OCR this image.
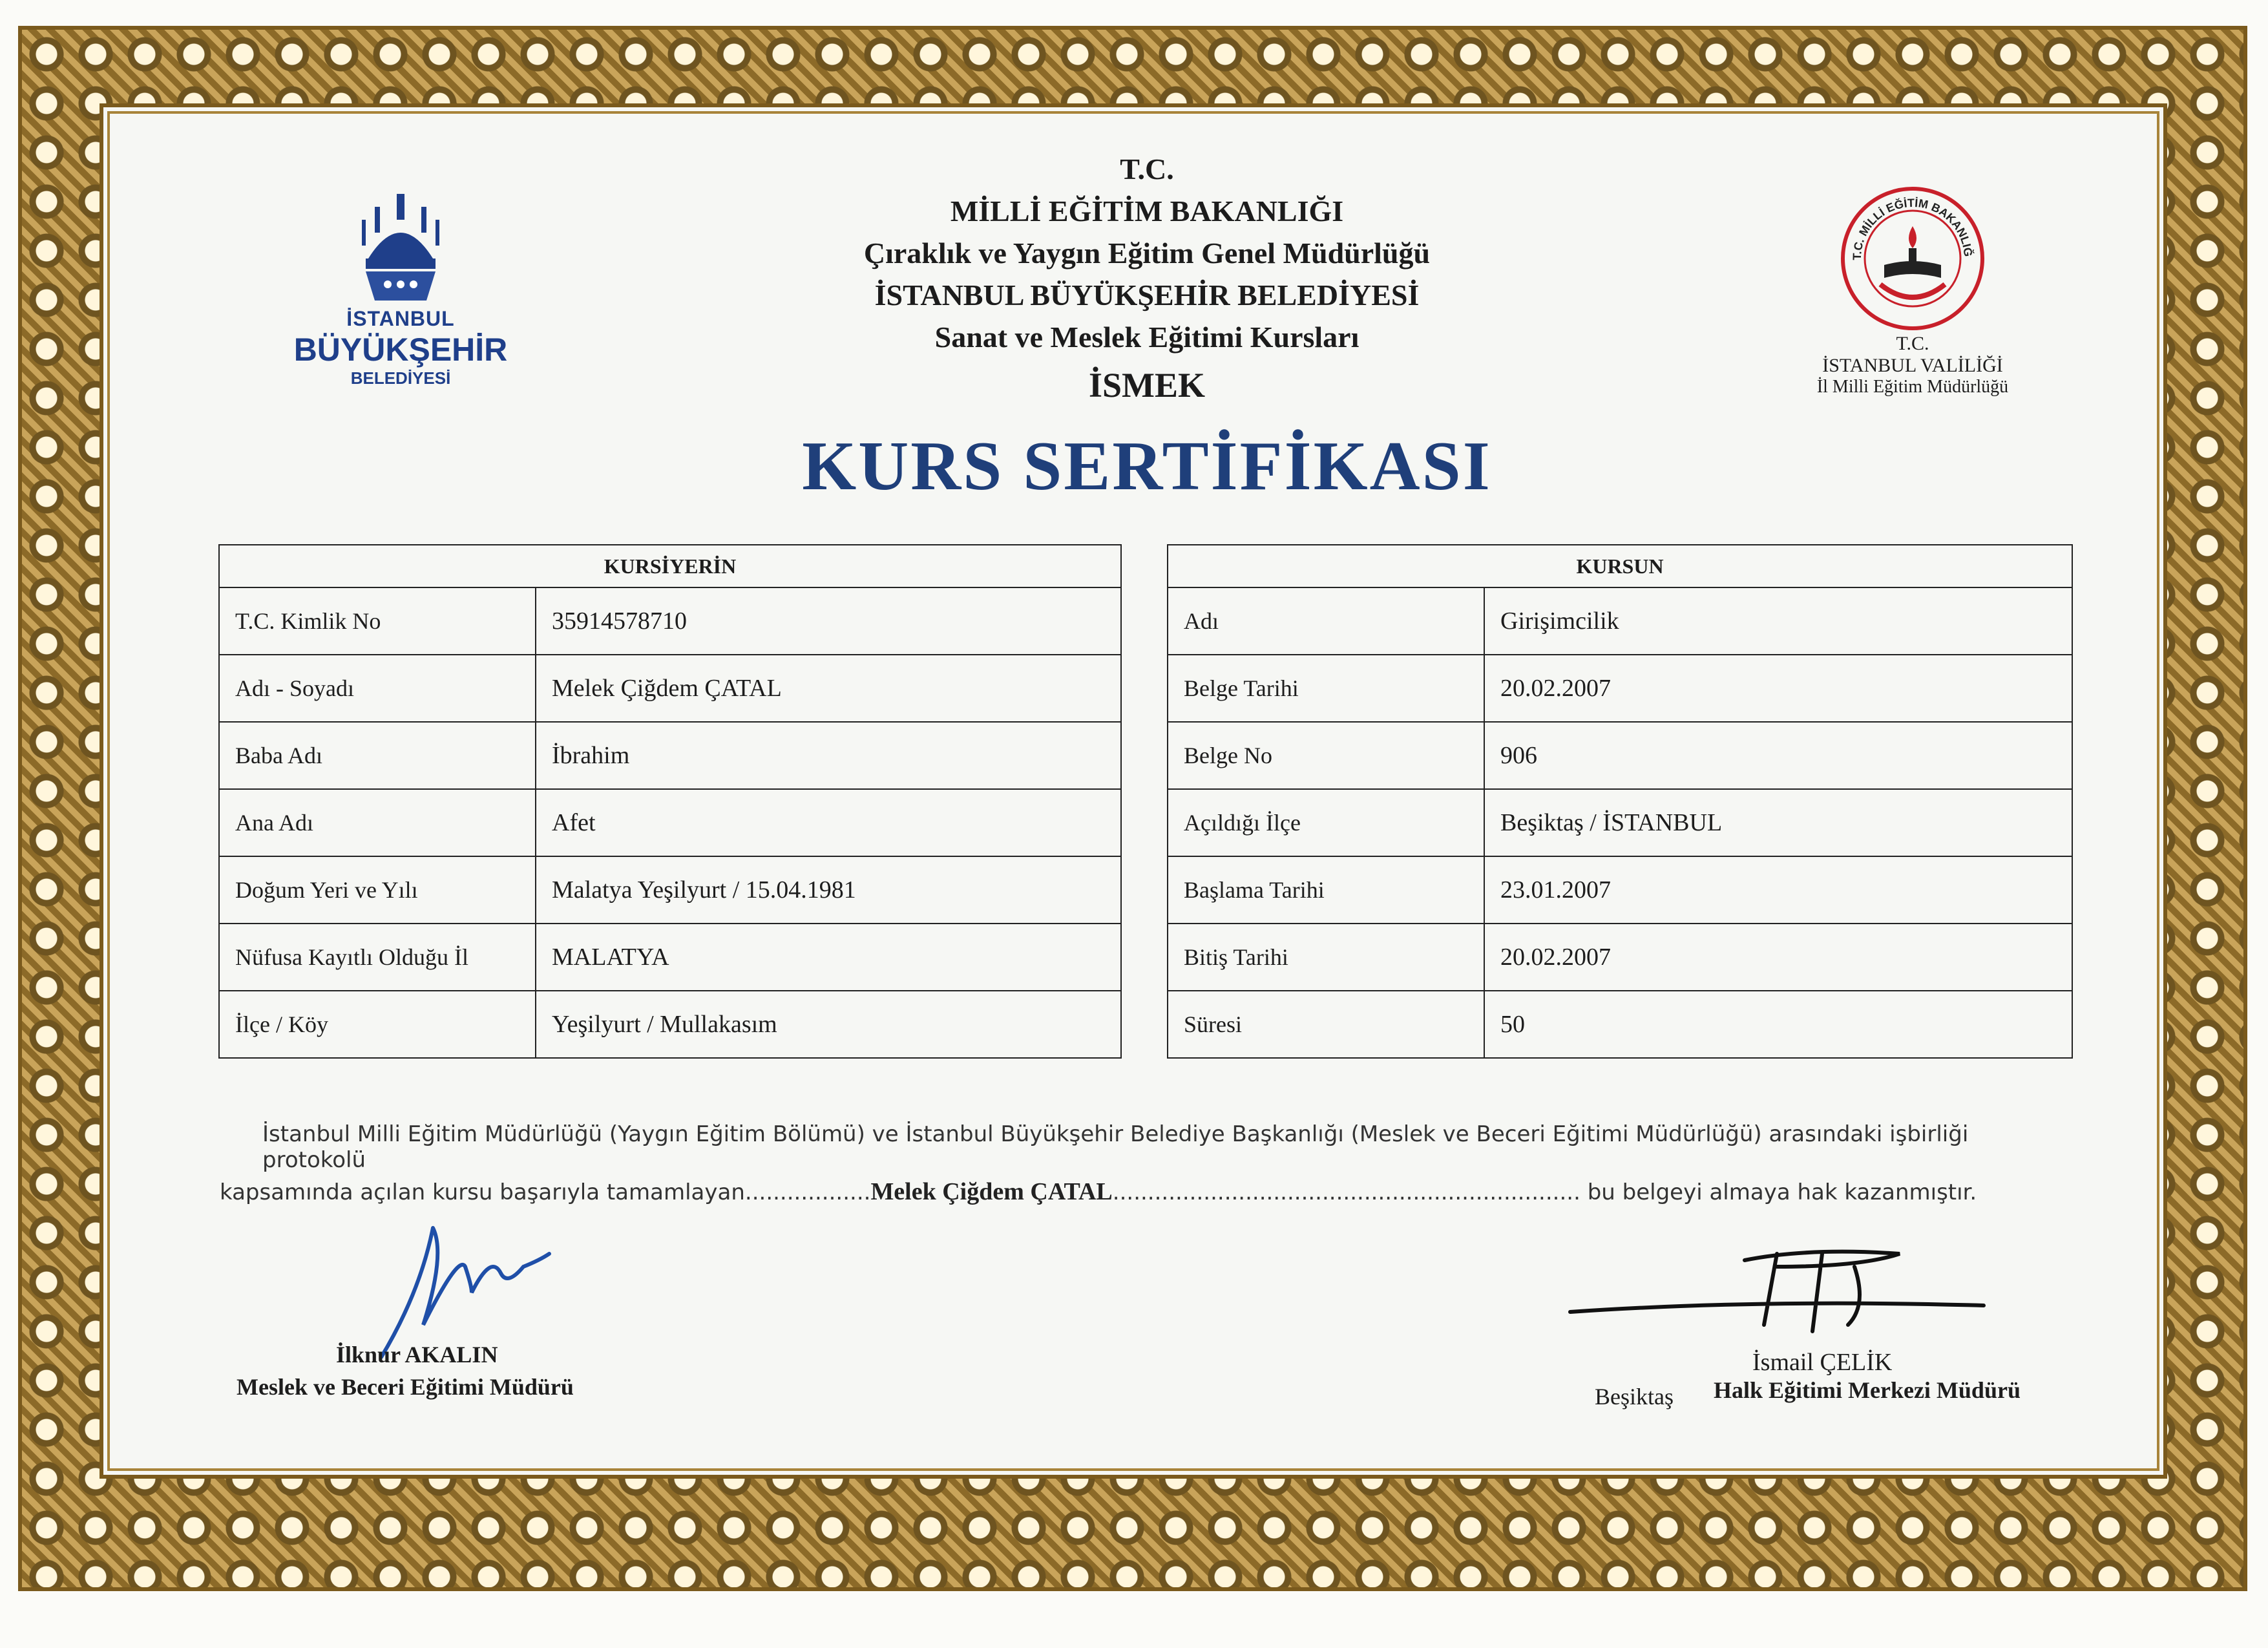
İSTANBUL
BÜYÜKŞEHİR
BELEDİYESİ
T.C.
MİLLİ EĞİTİM BAKANLIĞI
Çıraklık ve Yaygın Eğitim Genel Müdürlüğü
İSTANBUL BÜYÜKŞEHİR BELEDİYESİ
Sanat ve Meslek Eğitimi Kursları
İSMEK
KURS SERTİFİKASI
T.C. MİLLİ EĞİTİM BAKANLIĞ
T.C.
İSTANBUL VALİLİĞİ
İl Milli Eğitim Müdürlüğü
KURSİYERİN	
T.C. Kimlik No	35914578710
Adı - Soyadı	Melek Çiğdem ÇATAL
Baba Adı	İbrahim
Ana Adı	Afet
Doğum Yeri ve Yılı	Malatya Yeşilyurt / 15.04.1981
Nüfusa Kayıtlı Olduğu İl	MALATYA
İlçe / Köy	Yeşilyurt / Mullakasım
KURSUN	
Adı	Girişimcilik
Belge Tarihi	20.02.2007
Belge No	906
Açıldığı İlçe	Beşiktaş / İSTANBUL
Başlama Tarihi	23.01.2007
Bitiş Tarihi	20.02.2007
Süresi	50
İstanbul Milli Eğitim Müdürlüğü (Yaygın Eğitim Bölümü) ve İstanbul Büyükşehir Belediye Başkanlığı (Meslek ve Beceri Eğitimi Müdürlüğü) arasındaki işbirliği protokolü
kapsamında açılan kursu başarıyla tamamlayan..................Melek Çiğdem ÇATAL................................................................... bu belgeyi almaya hak kazanmıştır.
İlknur AKALIN
Meslek ve Beceri Eğitimi Müdürü
İsmail ÇELİK
Beşiktaş Halk Eğitimi Merkezi Müdürü
